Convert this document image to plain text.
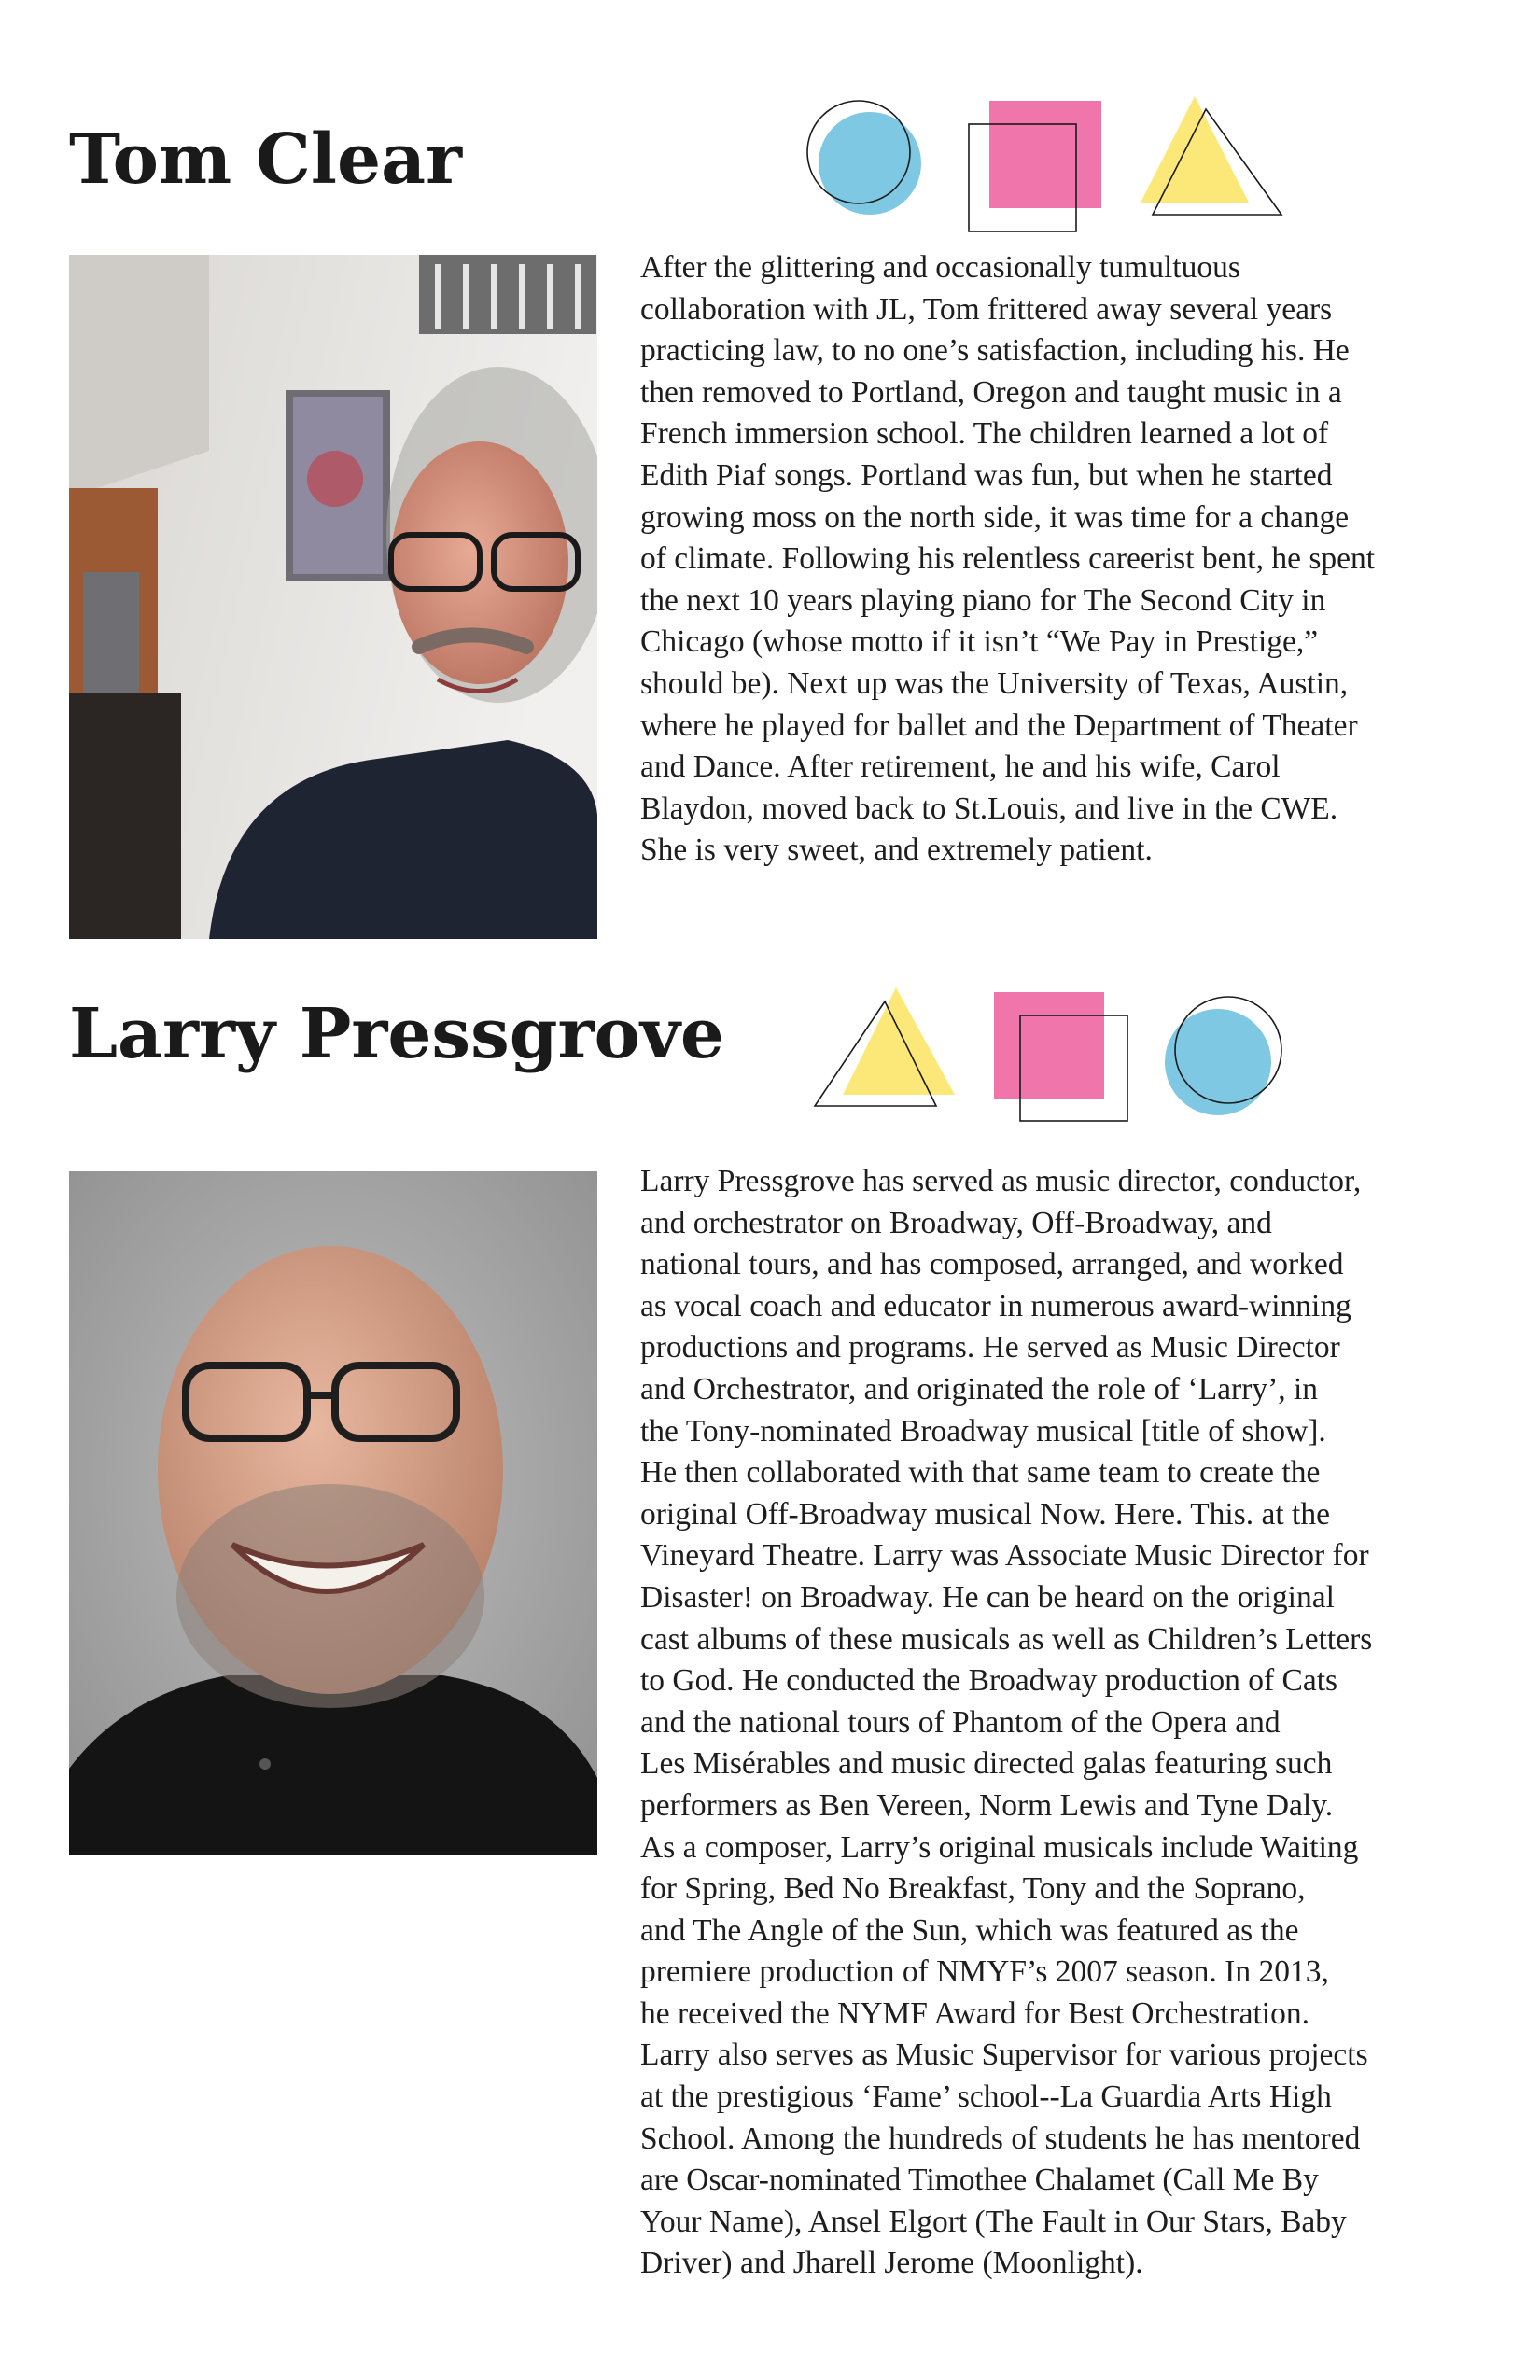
Tom Clear

After the glittering and occasionally tumultuous
collaboration with JL, Tom frittered away several years
practicing law, to no one’s satisfaction, including his. He
then removed to Portland, Oregon and taught music in a
French immersion school. The children learned a lot of
Edith Piaf songs. Portland was fun, but when he started
growing moss on the north side, it was time for a change
of climate. Following his relentless careerist bent, he spent
the next 10 years playing piano for The Second City in
Chicago (whose motto if it isn’t “We Pay in Prestige,”
should be). Next up was the University of Texas, Austin,
where he played for ballet and the Department of Theater
and Dance. After retirement, he and his wife, Carol
Blaydon, moved back to St.Louis, and live in the CWE.
She is very sweet, and extremely patient.

Larry Pressgrove

Larry Pressgrove has served as music director, conductor,
and orchestrator on Broadway, Off-Broadway, and
national tours, and has composed, arranged, and worked
as vocal coach and educator in numerous award-winning
productions and programs. He served as Music Director
and Orchestrator, and originated the role of ‘Larry’, in
the Tony-nominated Broadway musical [title of show].
He then collaborated with that same team to create the
original Off-Broadway musical Now. Here. This. at the
Vineyard Theatre. Larry was Associate Music Director for
Disaster! on Broadway. He can be heard on the original
cast albums of these musicals as well as Children’s Letters
to God. He conducted the Broadway production of Cats
and the national tours of Phantom of the Opera and
Les Misérables and music directed galas featuring such
performers as Ben Vereen, Norm Lewis and Tyne Daly.
As a composer, Larry’s original musicals include Waiting
for Spring, Bed No Breakfast, Tony and the Soprano,
and The Angle of the Sun, which was featured as the
premiere production of NMYF’s 2007 season. In 2013,
he received the NYMF Award for Best Orchestration.
Larry also serves as Music Supervisor for various projects
at the prestigious ‘Fame’ school--La Guardia Arts High
School. Among the hundreds of students he has mentored
are Oscar-nominated Timothee Chalamet (Call Me By
Your Name), Ansel Elgort (The Fault in Our Stars, Baby
Driver) and Jharell Jerome (Moonlight).
